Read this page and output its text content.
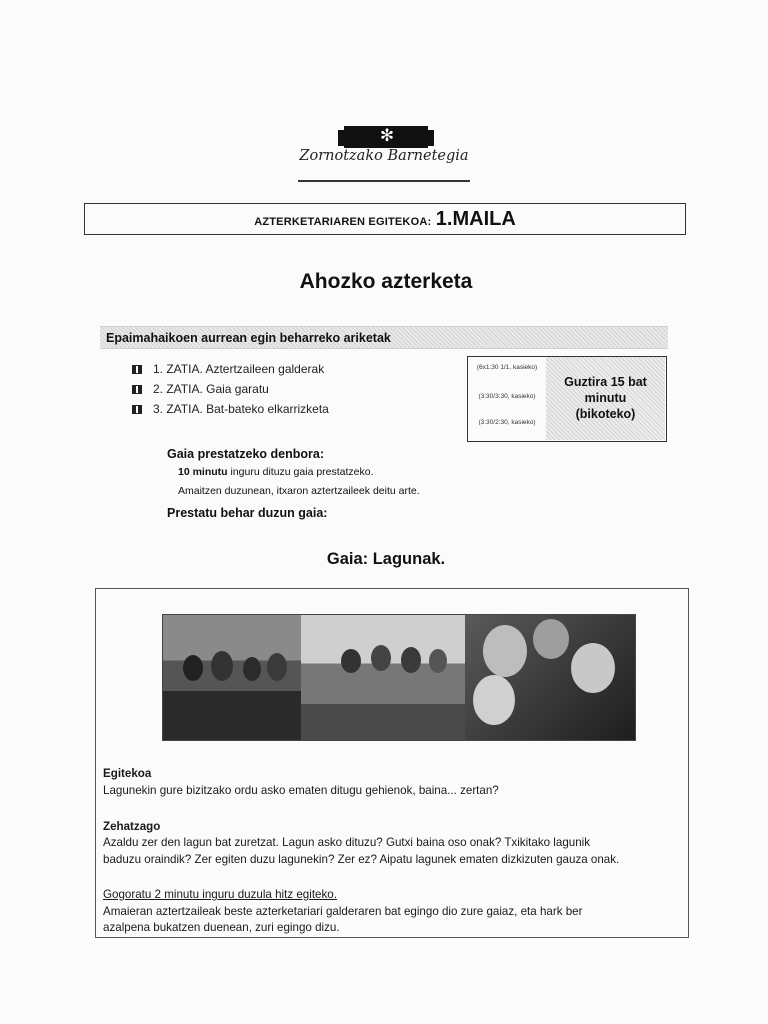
✻
Zornotzako Barnetegia
AZTERKETARIAREN EGITEKOA: 1.MAILA
Ahozko azterketa
Epaimahaikoen aurrean egin beharreko ariketak
1. ZATIA. Aztertzaileen galderak
2. ZATIA. Gaia garatu
3. ZATIA. Bat-bateko elkarrizketa
(6x1:30 1/1, kasieko)
(3:30/3:30, kasieko)
(3:30/2:30, kasieko)
Guztira 15 bat
minutu
(bikoteko)
Gaia prestatzeko denbora:
10 minutu inguru dituzu gaia prestatzeko.
Amaitzen duzunean, itxaron aztertzaileek deitu arte.
Prestatu behar duzun gaia:
Gaia: Lagunak.
Egitekoa
Lagunekin gure bizitzako ordu asko ematen ditugu gehienok, baina... zertan?
Zehatzago
Azaldu zer den lagun bat zuretzat. Lagun asko dituzu? Gutxi baina oso onak? Txikitako lagunik
baduzu oraindik? Zer egiten duzu lagunekin? Zer ez? Aipatu lagunek ematen dizkizuten gauza onak.
Gogoratu 2 minutu inguru duzula hitz egiteko.
Amaieran aztertzaileak beste azterketariari galderaren bat egingo dio zure gaiaz, eta hark ber
azalpena bukatzen duenean, zuri egingo dizu.
